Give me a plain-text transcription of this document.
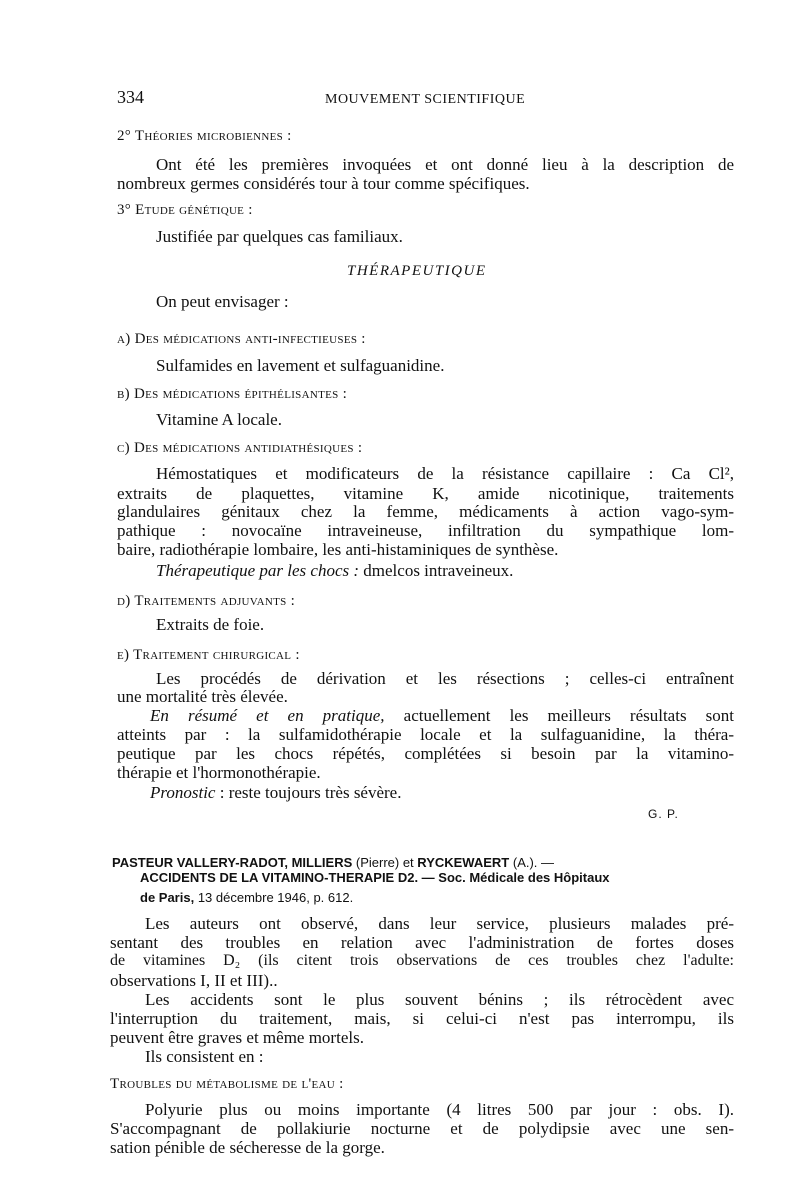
334	MOUVEMENT SCIENTIFIQUE
2° Théories microbiennes :
Ont été les premières invoquées et ont donné lieu à la description de
nombreux germes considérés tour à tour comme spécifiques.
3° Etude génétique :
Justifiée par quelques cas familiaux.
THÉRAPEUTIQUE
On peut envisager :
a) Des médications anti-infectieuses :
Sulfamides en lavement et sulfaguanidine.
b) Des médications épithélisantes :
Vitamine A locale.
c) Des médications antidiathésiques :
Hémostatiques et modificateurs de la résistance capillaire : Ca Cl²,
extraits de plaquettes, vitamine K, amide nicotinique, traitements
glandulaires génitaux chez la femme, médicaments à action vago-sym-
pathique : novocaïne intraveineuse, infiltration du sympathique lom-
baire, radiothérapie lombaire, les anti-histaminiques de synthèse.
Thérapeutique par les chocs : dmelcos intraveineux.
d) Traitements adjuvants :
Extraits de foie.
e) Traitement chirurgical :
Les procédés de dérivation et les résections ; celles-ci entraînent
une mortalité très élevée.
En résumé et en pratique, actuellement les meilleurs résultats sont
atteints par : la sulfamidothérapie locale et la sulfaguanidine, la théra-
peutique par les chocs répétés, complétées si besoin par la vitamino-
thérapie et l'hormonothérapie.
Pronostic : reste toujours très sévère.
G. P.
PASTEUR VALLERY-RADOT, MILLIERS (Pierre) et RYCKEWAERT (A.). —
ACCIDENTS DE LA VITAMINO-THERAPIE D2. — Soc. Médicale des Hôpitaux
de Paris, 13 décembre 1946, p. 612.
Les auteurs ont observé, dans leur service, plusieurs malades pré-
sentant des troubles en relation avec l'administration de fortes doses
de vitamines D₂ (ils citent trois observations de ces troubles chez l'adulte:
observations I, II et III)..
Les accidents sont le plus souvent bénins ; ils rétrocèdent avec
l'interruption du traitement, mais, si celui-ci n'est pas interrompu, ils
peuvent être graves et même mortels.
Ils consistent en :
Troubles du métabolisme de l'eau :
Polyurie plus ou moins importante (4 litres 500 par jour : obs. I).
S'accompagnant de pollakiurie nocturne et de polydipsie avec une sen-
sation pénible de sécheresse de la gorge.
